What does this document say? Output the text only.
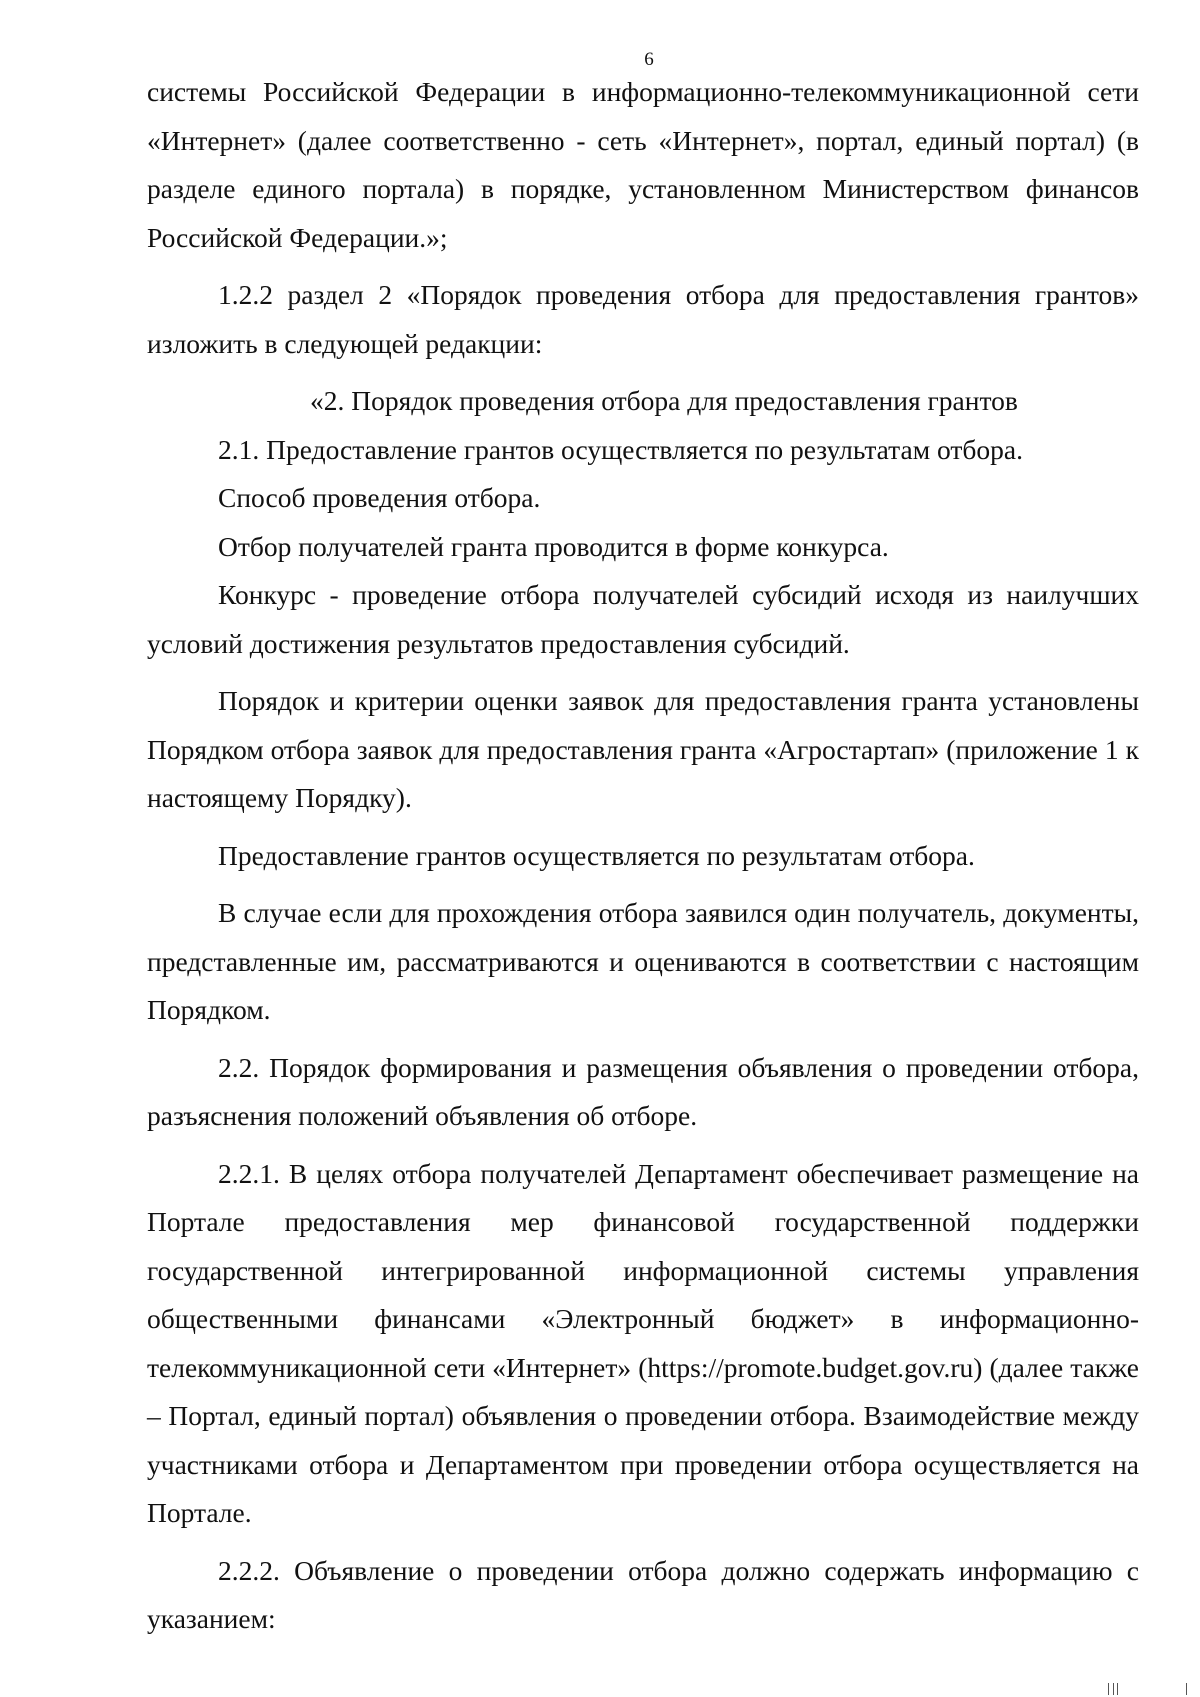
6

системы Российской Федерации в информационно-телекоммуникационной сети «Интернет» (далее соответственно - сеть «Интернет», портал, единый портал) (в разделе единого портала) в порядке, установленном Министерством финансов Российской Федерации.»;

1.2.2 раздел 2 «Порядок проведения отбора для предоставления грантов» изложить в следующей редакции:

«2. Порядок проведения отбора для предоставления грантов

2.1. Предоставление грантов осуществляется по результатам отбора.

Способ проведения отбора.

Отбор получателей гранта проводится в форме конкурса.

Конкурс - проведение отбора получателей субсидий исходя из наилучших условий достижения результатов предоставления субсидий.

Порядок и критерии оценки заявок для предоставления гранта установлены Порядком отбора заявок для предоставления гранта «Агростартап» (приложение 1 к настоящему Порядку).

Предоставление грантов осуществляется по результатам отбора.

В случае если для прохождения отбора заявился один получатель, документы, представленные им, рассматриваются и оцениваются в соответствии с настоящим Порядком.

2.2. Порядок формирования и размещения объявления о проведении отбора, разъяснения положений объявления об отборе.

2.2.1. В целях отбора получателей Департамент обеспечивает размещение на Портале предоставления мер финансовой государственной поддержки государственной интегрированной информационной системы управления общественными финансами «Электронный бюджет» в информационно-телекоммуникационной сети «Интернет» (https://promote.budget.gov.ru) (далее также – Портал, единый портал) объявления о проведении отбора. Взаимодействие между участниками отбора и Департаментом при проведении отбора осуществляется на Портале.

2.2.2. Объявление о проведении отбора должно содержать информацию с указанием:
